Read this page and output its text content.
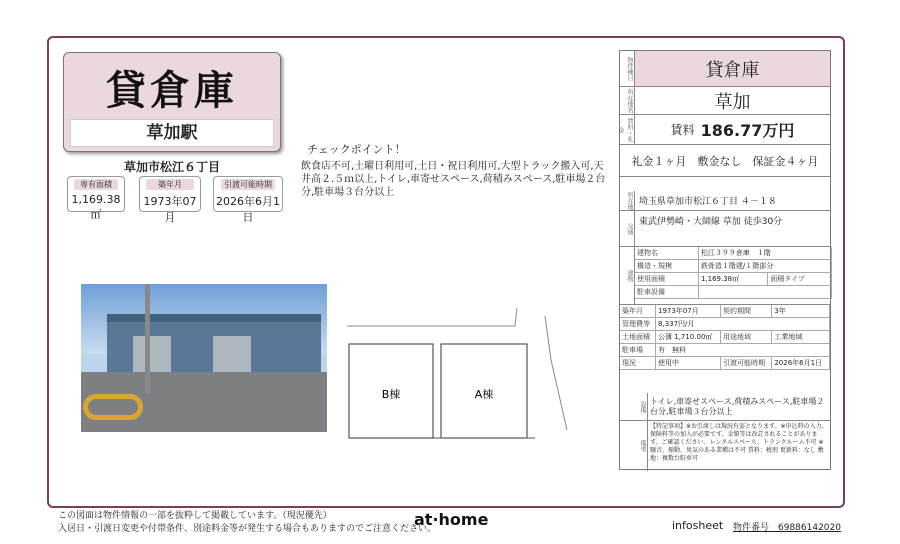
貸倉庫
草加駅
草加市松江６丁目
専有面積
1,169.38㎡
築年月
1973年07月
引渡可能時期
2026年6月1日
チェックポイント！
飲食店不可,土曜日利用可,土日・祝日利用可,大型トラック搬入可,天井高２.５ｍ以上,トイレ,車寄せスペース,荷積みスペース,駐車場２台分,駐車場３台分以上
B棟	A棟
物件種目	貸倉庫
所在地名	草加
賃料・礼金	賃料 186.77万円
礼金１ヶ月　敷金なし　保証金４ヶ月
所在地 埼玉県草加市松江６丁目 ４－１８
交通
東武伊勢崎・大師線 草加 徒歩30分
建物
建物名	松江３９９倉庫　１階	
構造・規模	鉄骨造１階建/１階部分	
使用面積	1,169.38㎡	面積タイプ
駐車設備		
築年月	1973年07月	契約期間	3年
管理費等	8,337円/月		
土地面積	公簿 1,710.00㎡	用途地域	工業地域
駐車場	有　無料		
現況	使用中	引渡可能時期	2026年6月1日
設備 トイレ,車寄せスペース,荷積みスペース,駐車場２台分,駐車場３台分以上
備考
【特記事項】※お引渡しは現況有姿となります。※申込時の入力、保険料等の加入が必要です。金額等は改訂されることがあります。ご確認ください。レンタルスペース、トランクルーム不可 ※騒音、振動、臭気のある業種は不可 賃料：税別 更新料：なし 敷地：複数台駐車可
この図面は物件情報の一部を抜粋して掲載しています。（現況優先）
入居日・引渡日変更や付帯条件、別途料金等が発生する場合もありますのでご注意ください。
at·home	infosheet 物件番号　69886142020
